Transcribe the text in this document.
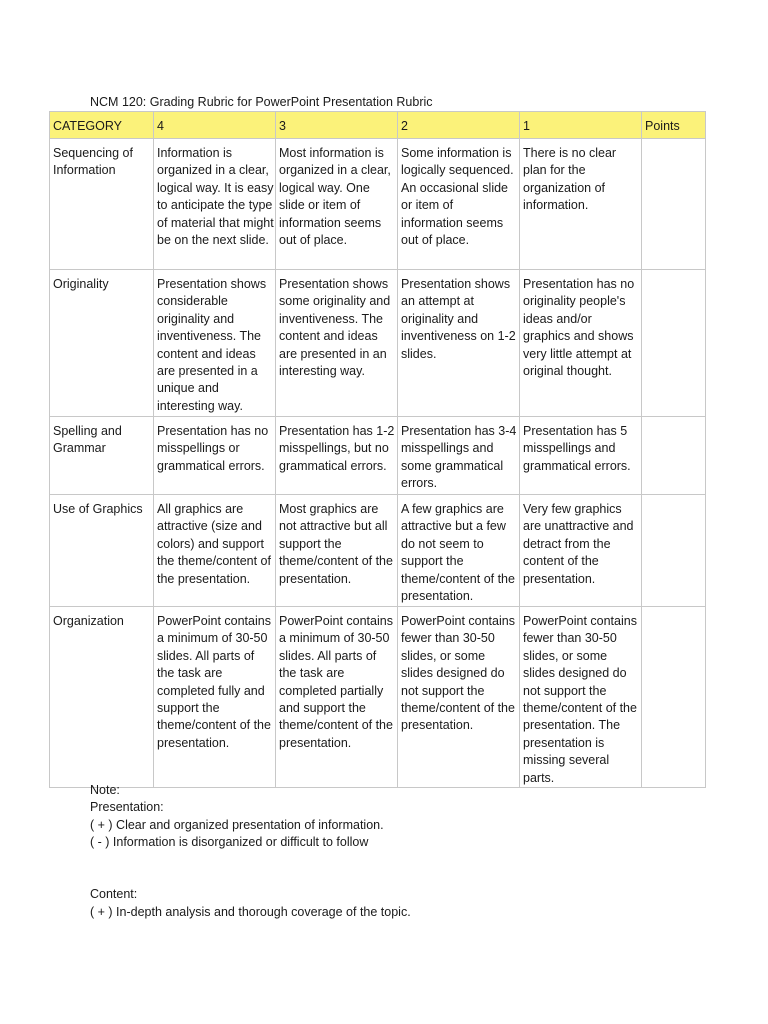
NCM 120: Grading Rubric for PowerPoint Presentation Rubric
CATEGORY	4	3	2	1	Points
Sequencing of Information	Information is organized in a clear, logical way. It is easy to anticipate the type of material that might be on the next slide.	Most information is organized in a clear, logical way. One slide or item of information seems out of place.	Some information is logically sequenced. An occasional slide or item of information seems out of place.	There is no clear plan for the organization of information.	
Originality	Presentation shows considerable originality and inventiveness. The content and ideas are presented in a unique and interesting way.	Presentation shows some originality and inventiveness. The content and ideas are presented in an interesting way.	Presentation shows an attempt at originality and inventiveness on 1-2 slides.	Presentation has no originality people's ideas and/or graphics and shows very little attempt at original thought.	
Spelling and Grammar	Presentation has no misspellings or grammatical errors.	Presentation has 1-2 misspellings, but no grammatical errors.	Presentation has 3-4 misspellings and some grammatical errors.	Presentation has 5 misspellings and grammatical errors.	
Use of Graphics	All graphics are attractive (size and colors) and support the theme/content of the presentation.	Most graphics are not attractive but all support the theme/content of the presentation.	A few graphics are attractive but a few do not seem to support the theme/content of the presentation.	Very few graphics are unattractive and detract from the content of the presentation.	
Organization	PowerPoint contains a minimum of 30-50 slides. All parts of the task are completed fully and support the theme/content of the presentation.	PowerPoint contains a minimum of 30-50 slides. All parts of the task are completed partially and support the theme/content of the presentation.	PowerPoint contains fewer than 30-50 slides, or some slides designed do not support the theme/content of the presentation.	PowerPoint contains fewer than 30-50 slides, or some slides designed do not support the theme/content of the presentation. The presentation is missing several parts.	
Note:
Presentation:
( + ) Clear and organized presentation of information.
( - ) Information is disorganized or difficult to follow
Content:
( + ) In-depth analysis and thorough coverage of the topic.
